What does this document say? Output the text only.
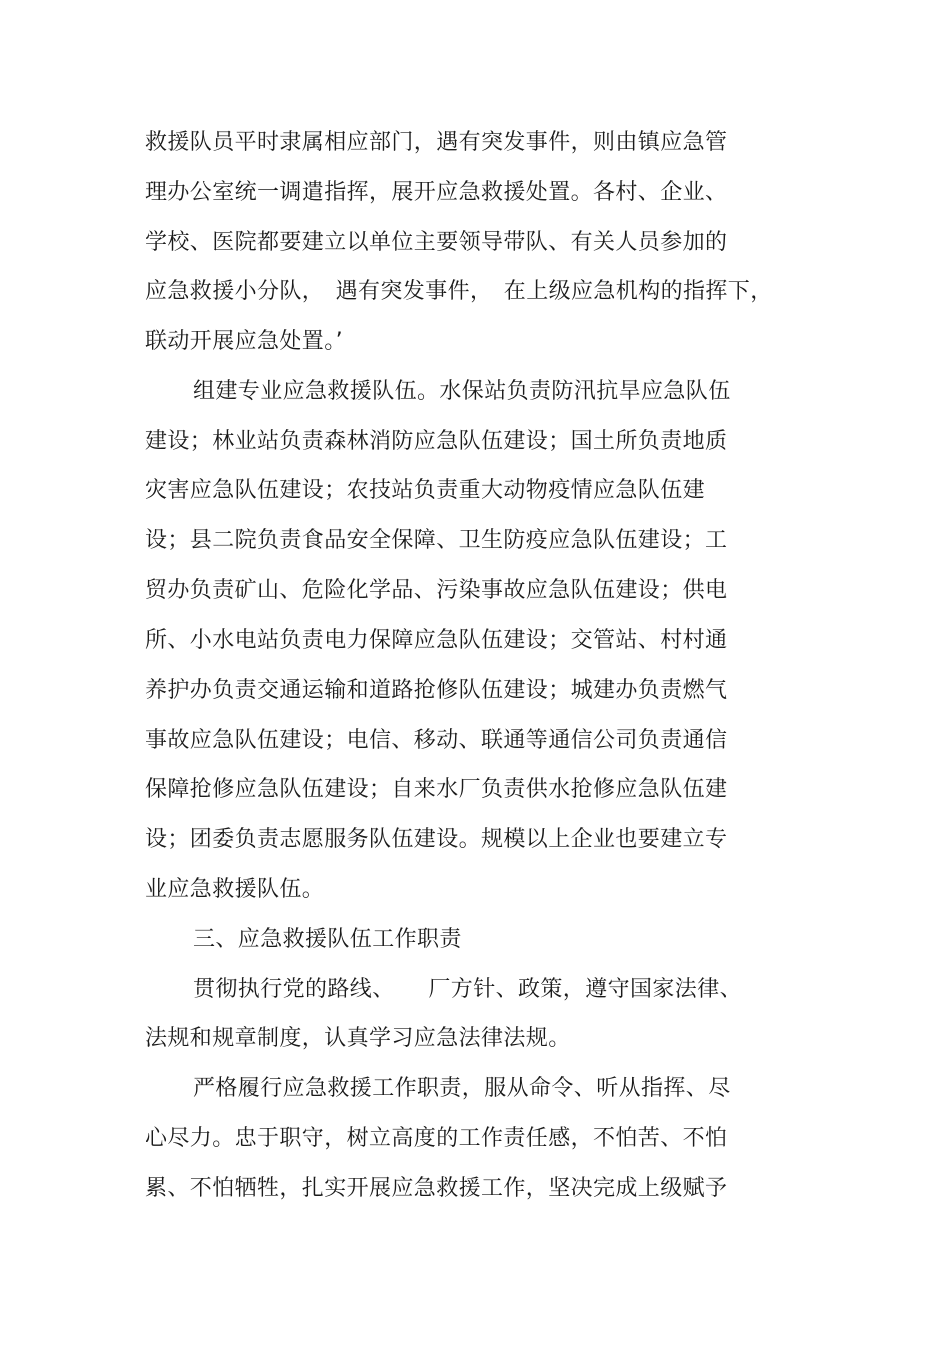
救援队员平时隶属相应部门，遇有突发事件，则由镇应急管
理办公室统一调遣指挥，展开应急救援处置。各村、企业、
学校、医院都要建立以单位主要领导带队、有关人员参加的
应急救援小分队，　遇有突发事件，　在上级应急机构的指挥下，
联动开展应急处置。’
组建专业应急救援队伍。水保站负责防汛抗旱应急队伍
建设；林业站负责森林消防应急队伍建设；国土所负责地质
灾害应急队伍建设；农技站负责重大动物疫情应急队伍建
设；县二院负责食品安全保障、卫生防疫应急队伍建设；工
贸办负责矿山、危险化学品、污染事故应急队伍建设；供电
所、小水电站负责电力保障应急队伍建设；交管站、村村通
养护办负责交通运输和道路抢修队伍建设；城建办负责燃气
事故应急队伍建设；电信、移动、联通等通信公司负责通信
保障抢修应急队伍建设；自来水厂负责供水抢修应急队伍建
设；团委负责志愿服务队伍建设。规模以上企业也要建立专
业应急救援队伍。
三、应急救援队伍工作职责
贯彻执行党的路线、　　厂方针、政策，遵守国家法律、
法规和规章制度，认真学习应急法律法规。
严格履行应急救援工作职责，服从命令、听从指挥、尽
心尽力。忠于职守，树立高度的工作责任感，不怕苦、不怕
累、不怕牺牲，扎实开展应急救援工作，坚决完成上级赋予
